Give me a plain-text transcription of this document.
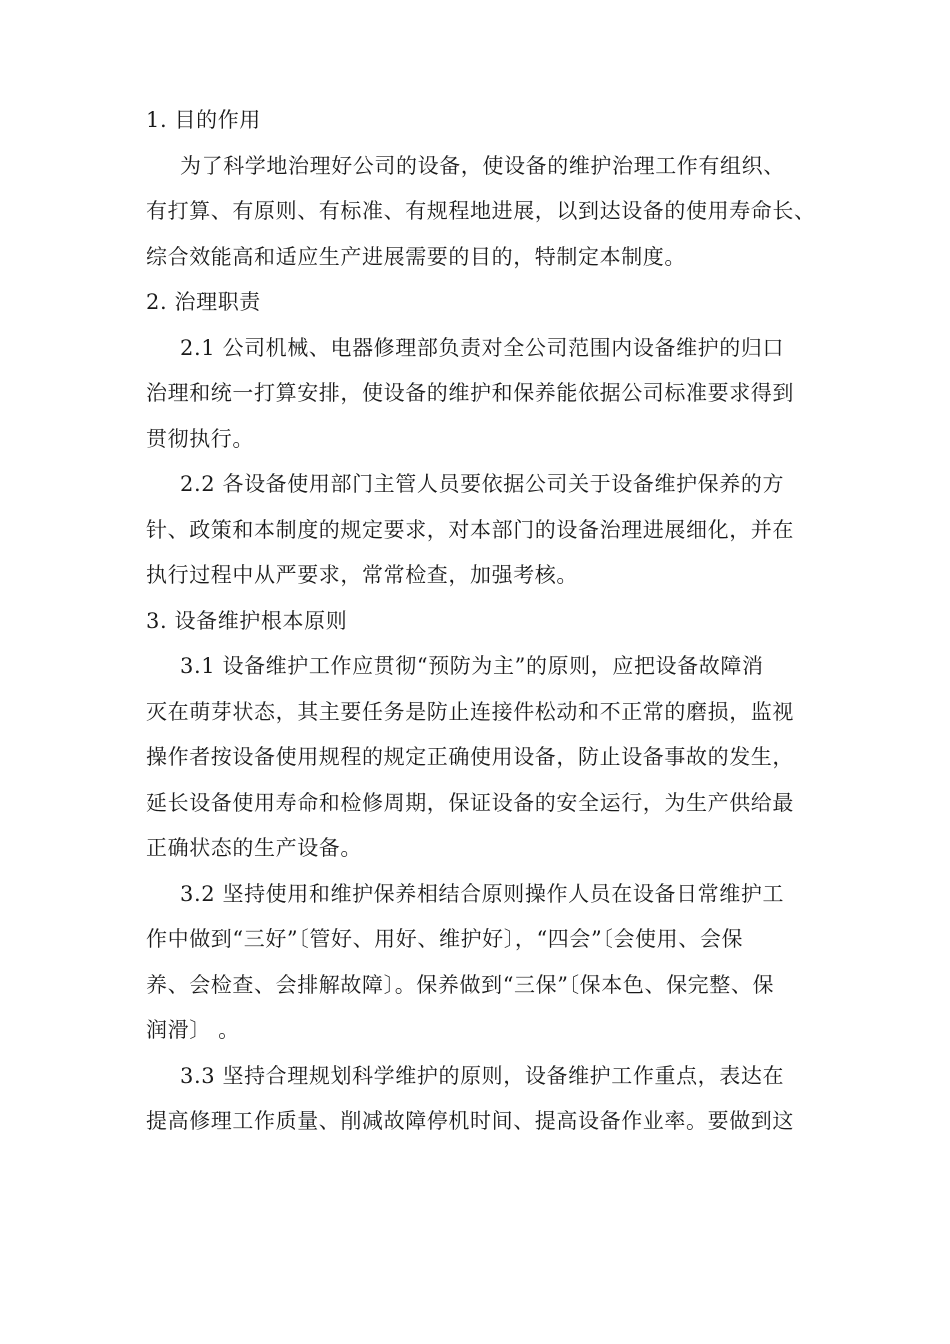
1. 目的作用
为了科学地治理好公司的设备，使设备的维护治理工作有组织、
有打算、有原则、有标准、有规程地进展，以到达设备的使用寿命长、
综合效能高和适应生产进展需要的目的，特制定本制度。
2. 治理职责
2.1 公司机械、电器修理部负责对全公司范围内设备维护的归口
治理和统一打算安排，使设备的维护和保养能依据公司标准要求得到
贯彻执行。
2.2 各设备使用部门主管人员要依据公司关于设备维护保养的方
针、政策和本制度的规定要求，对本部门的设备治理进展细化，并在
执行过程中从严要求，常常检查，加强考核。
3. 设备维护根本原则
3.1 设备维护工作应贯彻“预防为主”的原则，应把设备故障消
灭在萌芽状态，其主要任务是防止连接件松动和不正常的磨损，监视
操作者按设备使用规程的规定正确使用设备，防止设备事故的发生，
延长设备使用寿命和检修周期，保证设备的安全运行，为生产供给最
正确状态的生产设备。
3.2 坚持使用和维护保养相结合原则操作人员在设备日常维护工
作中做到“三好”〔管好、用好、维护好〕，“四会”〔会使用、会保
养、会检查、会排解故障〕。保养做到“三保”〔保本色、保完整、保
润滑〕 。
3.3 坚持合理规划科学维护的原则，设备维护工作重点，表达在
提高修理工作质量、削减故障停机时间、提高设备作业率。要做到这
